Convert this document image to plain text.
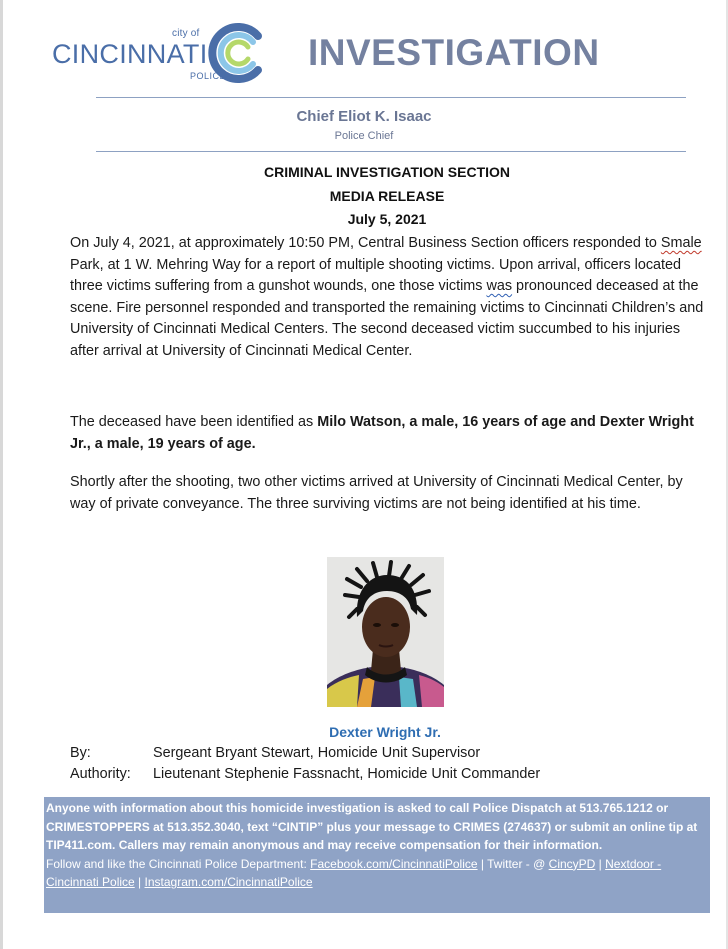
city of
CINCINNATI
POLICE
INVESTIGATION
Chief Eliot K. Isaac
Police Chief
CRIMINAL INVESTIGATION SECTION
MEDIA RELEASE
July 5, 2021
On July 4, 2021, at approximately 10:50 PM, Central Business Section officers responded to Smale Park, at 1 W. Mehring Way for a report of multiple shooting victims. Upon arrival, officers located three victims suffering from a gunshot wounds, one those victims was pronounced deceased at the scene. Fire personnel responded and transported the remaining victims to Cincinnati Children’s and University of Cincinnati Medical Centers. The second deceased victim succumbed to his injuries after arrival at University of Cincinnati Medical Center.
The deceased have been identified as Milo Watson, a male, 16 years of age and Dexter Wright Jr., a male, 19 years of age.
Shortly after the shooting, two other victims arrived at University of Cincinnati Medical Center, by way of private conveyance. The three surviving victims are not being identified at his time.
Dexter Wright Jr.
By:	Sergeant Bryant Stewart, Homicide Unit Supervisor
Authority: Lieutenant Stephenie Fassnacht, Homicide Unit Commander
Anyone with information about this homicide investigation is asked to call Police Dispatch at 513.765.1212 or CRIMESTOPPERS at 513.352.3040, text “CINTIP” plus your message to CRIMES (274637) or submit an online tip at TIP411.com. Callers may remain anonymous and may receive compensation for their information.
Follow and like the Cincinnati Police Department: Facebook.com/CincinnatiPolice | Twitter - @ CincyPD | Nextdoor - Cincinnati Police | Instagram.com/CincinnatiPolice
